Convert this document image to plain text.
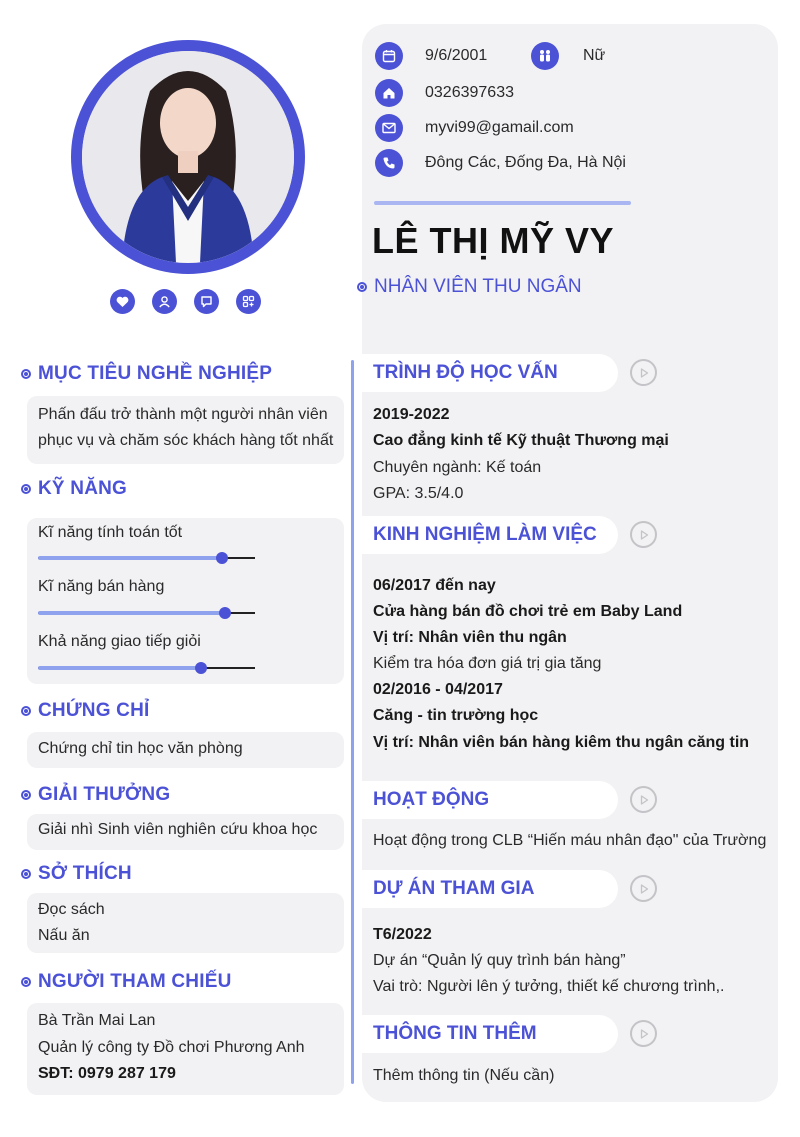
9/6/2001	Nữ
0326397633
myvi99@gamail.com
Đông Các, Đống Đa, Hà Nội
LÊ THỊ MỸ VY
NHÂN VIÊN THU NGÂN
MỤC TIÊU NGHỀ NGHIỆP
Phấn đấu trở thành một người nhân viên
phục vụ và chăm sóc khách hàng tốt nhất
KỸ NĂNG
Kĩ năng tính toán tốt
Kĩ năng bán hàng
Khả năng giao tiếp giỏi
CHỨNG CHỈ
Chứng chỉ tin học văn phòng
GIẢI THƯỞNG
Giải nhì Sinh viên nghiên cứu khoa học
SỞ THÍCH
Đọc sách
Nấu ăn
NGƯỜI THAM CHIẾU
Bà Trần Mai Lan
Quản lý công ty Đồ chơi Phương Anh
SĐT: 0979 287 179
TRÌNH ĐỘ HỌC VẤN
2019-2022
Cao đẳng kinh tế Kỹ thuật Thương mại
Chuyên ngành: Kế toán
GPA: 3.5/4.0
KINH NGHIỆM LÀM VIỆC
06/2017 đến nay
Cửa hàng bán đồ chơi trẻ em Baby Land
Vị trí: Nhân viên thu ngân
Kiểm tra hóa đơn giá trị gia tăng
02/2016 - 04/2017
Căng - tin trường học
Vị trí: Nhân viên bán hàng kiêm thu ngân căng tin
HOẠT ĐỘNG
Hoạt động trong CLB “Hiến máu nhân đạo" của Trường
DỰ ÁN THAM GIA
T6/2022
Dự án “Quản lý quy trình bán hàng”
Vai trò: Người lên ý tưởng, thiết kế chương trình,.
THÔNG TIN THÊM
Thêm thông tin (Nếu cần)
